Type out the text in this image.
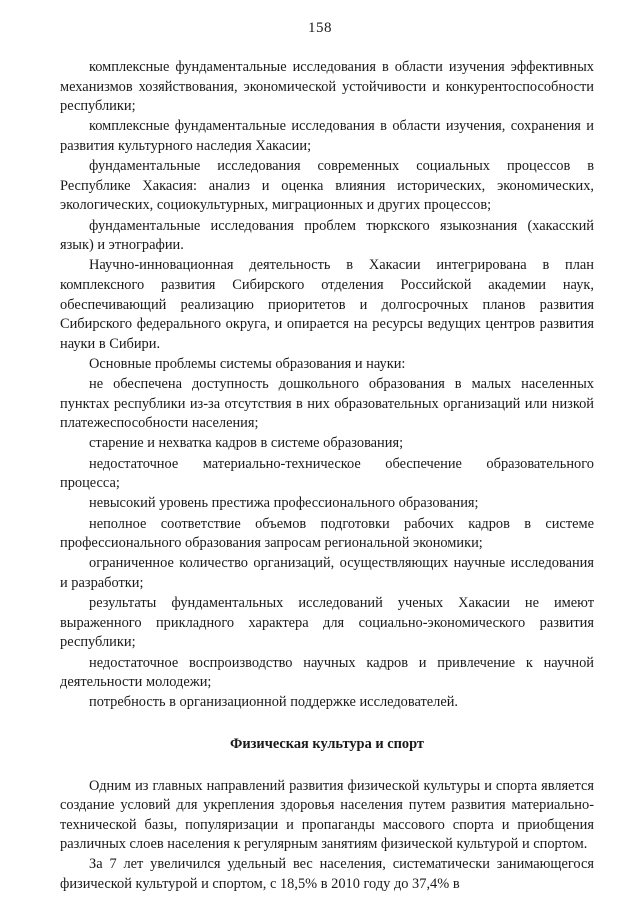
158

комплексные фундаментальные исследования в области изучения эффективных механизмов хозяйствования, экономической устойчивости и конкурентоспособности республики;

комплексные фундаментальные исследования в области изучения, сохранения и развития культурного наследия Хакасии;

фундаментальные исследования современных социальных процессов в Республике Хакасия: анализ и оценка влияния исторических, экономических, экологических, социокультурных, миграционных и других процессов;

фундаментальные исследования проблем тюркского языкознания (хакасский язык) и этнографии.

Научно-инновационная деятельность в Хакасии интегрирована в план комплексного развития Сибирского отделения Российской академии наук, обеспечивающий реализацию приоритетов и долгосрочных планов развития Сибирского федерального округа, и опирается на ресурсы ведущих центров развития науки в Сибири.

Основные проблемы системы образования и науки:

не обеспечена доступность дошкольного образования в малых населенных пунктах республики из-за отсутствия в них образовательных организаций или низкой платежеспособности населения;

старение и нехватка кадров в системе образования;

недостаточное материально-техническое обеспечение образовательного процесса;

невысокий уровень престижа профессионального образования;

неполное соответствие объемов подготовки рабочих кадров в системе профессионального образования запросам региональной экономики;

ограниченное количество организаций, осуществляющих научные исследования и разработки;

результаты фундаментальных исследований ученых Хакасии не имеют выраженного прикладного характера для социально-экономического развития республики;

недостаточное воспроизводство научных кадров и привлечение к научной деятельности молодежи;

потребность в организационной поддержке исследователей.

Физическая культура и спорт

Одним из главных направлений развития физической культуры и спорта является создание условий для укрепления здоровья населения путем развития материально-технической базы, популяризации и пропаганды массового спорта и приобщения различных слоев населения к регулярным занятиям физической культурой и спортом.

За 7 лет увеличился удельный вес населения, систематически занимающегося физической культурой и спортом, с 18,5% в 2010 году до 37,4% в
